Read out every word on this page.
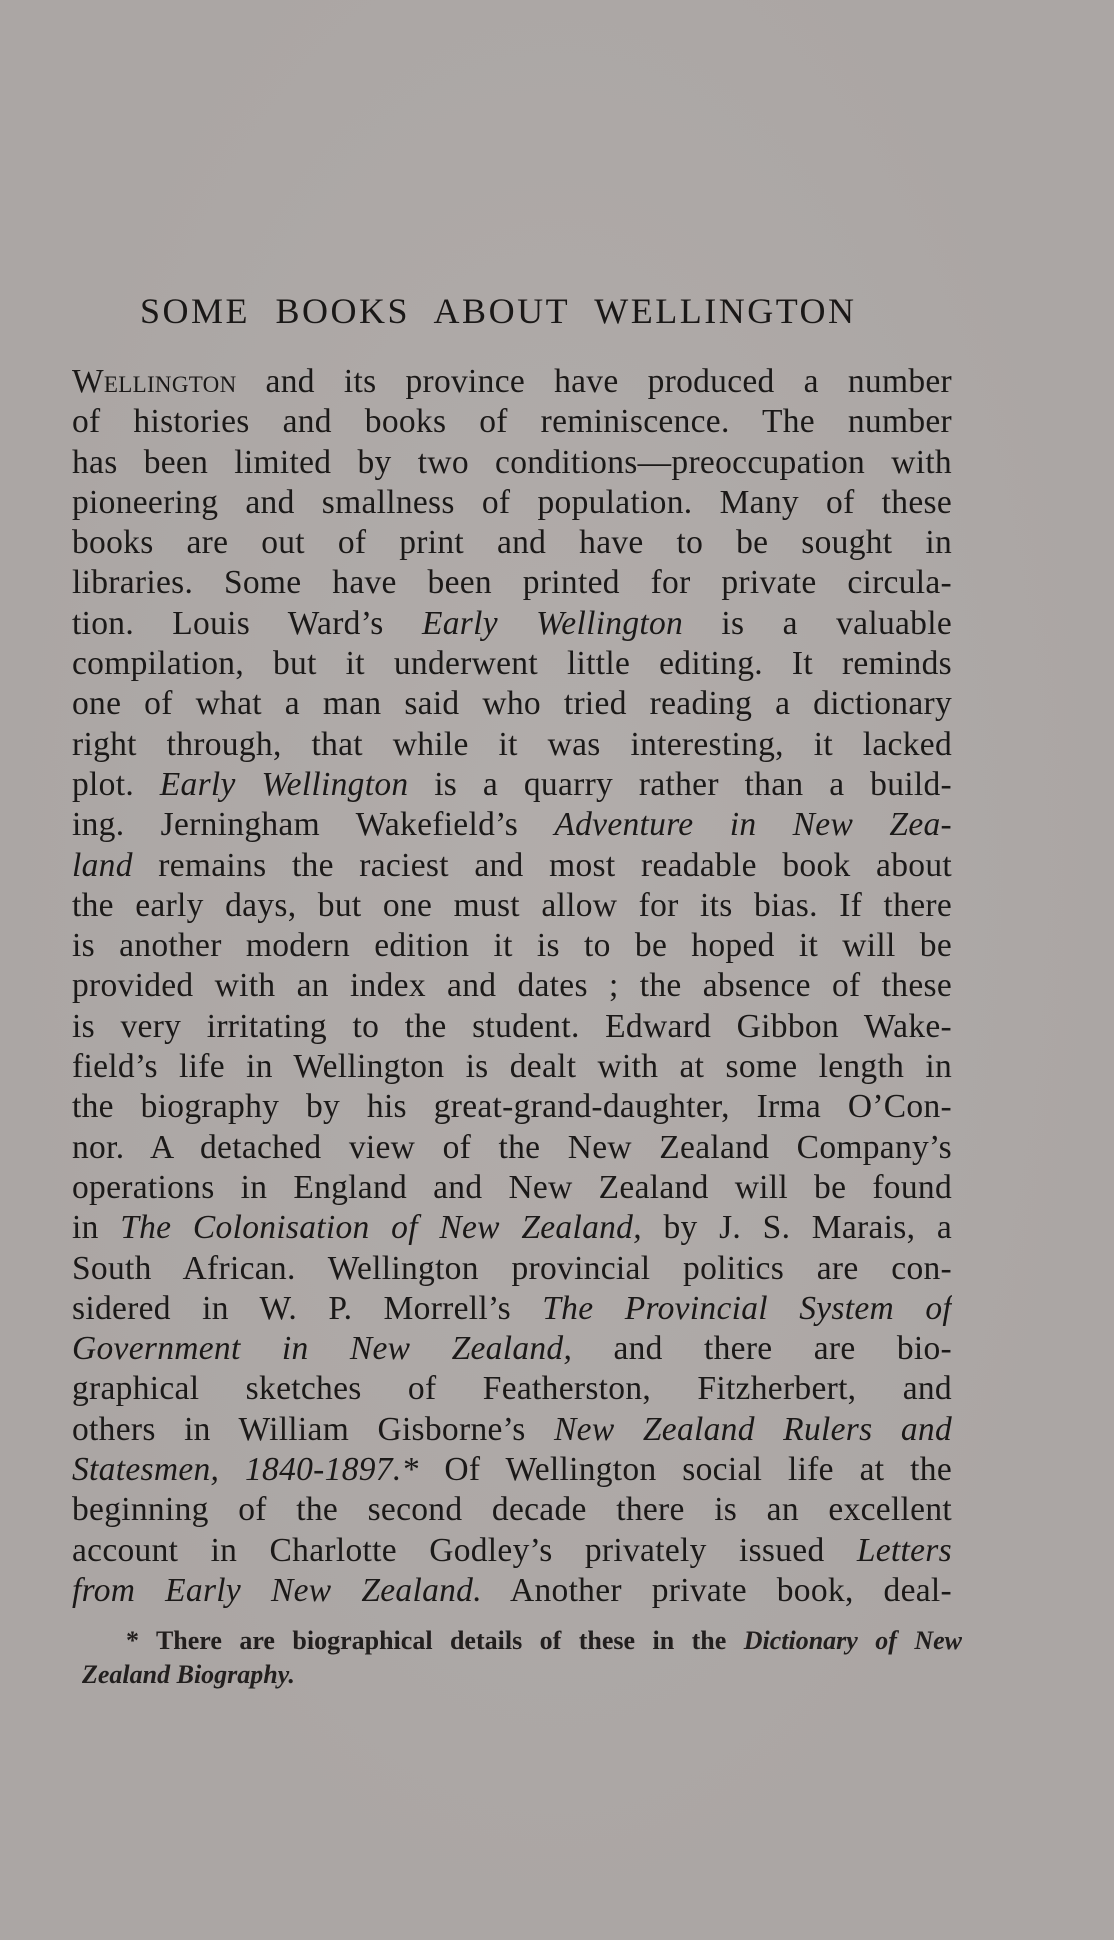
SOME BOOKS ABOUT WELLINGTON
Wellington and its province have produced a number
of histories and books of reminiscence. The number
has been limited by two conditions—preoccupation with
pioneering and smallness of population. Many of these
books are out of print and have to be sought in
libraries. Some have been printed for private circula-
tion. Louis Ward’s Early Wellington is a valuable
compilation, but it underwent little editing. It reminds
one of what a man said who tried reading a dictionary
right through, that while it was interesting, it lacked
plot. Early Wellington is a quarry rather than a build-
ing. Jerningham Wakefield’s Adventure in New Zea-
land remains the raciest and most readable book about
the early days, but one must allow for its bias. If there
is another modern edition it is to be hoped it will be
provided with an index and dates ; the absence of these
is very irritating to the student. Edward Gibbon Wake-
field’s life in Wellington is dealt with at some length in
the biography by his great-grand-daughter, Irma O’Con-
nor. A detached view of the New Zealand Company’s
operations in England and New Zealand will be found
in The Colonisation of New Zealand, by J. S. Marais, a
South African. Wellington provincial politics are con-
sidered in W. P. Morrell’s The Provincial System of
Government in New Zealand, and there are bio-
graphical sketches of Featherston, Fitzherbert, and
others in William Gisborne’s New Zealand Rulers and
Statesmen, 1840-1897.* Of Wellington social life at the
beginning of the second decade there is an excellent
account in Charlotte Godley’s privately issued Letters
from Early New Zealand. Another private book, deal-
* There are biographical details of these in the Dictionary of New
Zealand Biography.
